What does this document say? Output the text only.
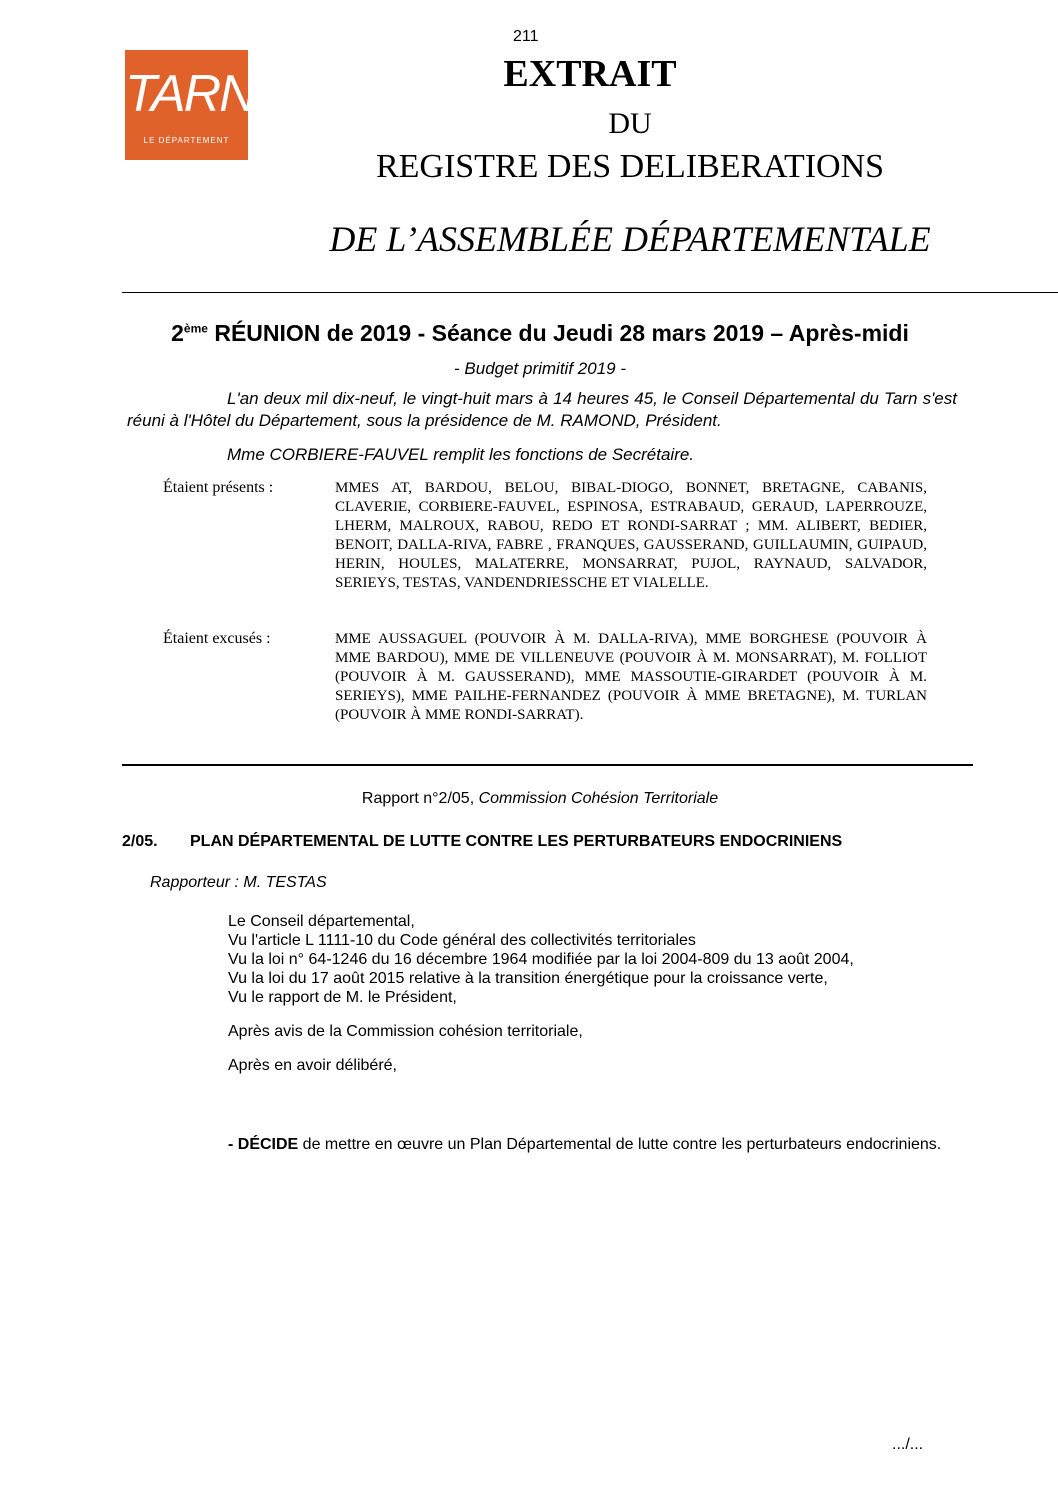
211
TARN
LE DÉPARTEMENT
EXTRAIT
DU
REGISTRE DES DELIBERATIONS
DE L’ASSEMBLÉE DÉPARTEMENTALE
2ème RÉUNION de 2019 - Séance du Jeudi 28 mars 2019 – Après-midi
- Budget primitif 2019 -

L'an deux mil dix-neuf, le vingt-huit mars à 14 heures 45, le Conseil Départemental du Tarn s'est réuni à l'Hôtel du Département, sous la présidence de M. RAMOND, Président.

Mme CORBIERE-FAUVEL remplit les fonctions de Secrétaire.
Étaient présents :	MMES AT, BARDOU, BELOU, BIBAL-DIOGO, BONNET, BRETAGNE, CABANIS, CLAVERIE, CORBIERE-FAUVEL, ESPINOSA, ESTRABAUD, GERAUD, LAPERROUZE, LHERM, MALROUX, RABOU, REDO ET RONDI-SARRAT ; MM. ALIBERT, BEDIER, BENOIT, DALLA-RIVA, FABRE , FRANQUES, GAUSSERAND, GUILLAUMIN, GUIPAUD, HERIN, HOULES, MALATERRE, MONSARRAT, PUJOL, RAYNAUD, SALVADOR, SERIEYS, TESTAS, VANDENDRIESSCHE ET VIALELLE.

Étaient excusés :	MME AUSSAGUEL (POUVOIR À M. DALLA-RIVA), MME BORGHESE (POUVOIR À MME BARDOU), MME DE VILLENEUVE (POUVOIR À M. MONSARRAT), M. FOLLIOT (POUVOIR À M. GAUSSERAND), MME MASSOUTIE-GIRARDET (POUVOIR À M. SERIEYS), MME PAILHE-FERNANDEZ (POUVOIR À MME BRETAGNE), M. TURLAN (POUVOIR À MME RONDI-SARRAT).

Rapport n°2/05, Commission Cohésion Territoriale
2/05. PLAN DÉPARTEMENTAL DE LUTTE CONTRE LES PERTURBATEURS ENDOCRINIENS
Rapporteur : M. TESTAS

Le Conseil départemental,

Vu l'article L 1111-10 du Code général des collectivités territoriales

Vu la loi n° 64-1246 du 16 décembre 1964 modifiée par la loi 2004-809 du 13 août 2004,

Vu la loi du 17 août 2015 relative à la transition énergétique pour la croissance verte,

Vu le rapport de M. le Président,

Après avis de la Commission cohésion territoriale,

Après en avoir délibéré,

- DÉCIDE de mettre en œuvre un Plan Départemental de lutte contre les perturbateurs endocriniens.

.../...
